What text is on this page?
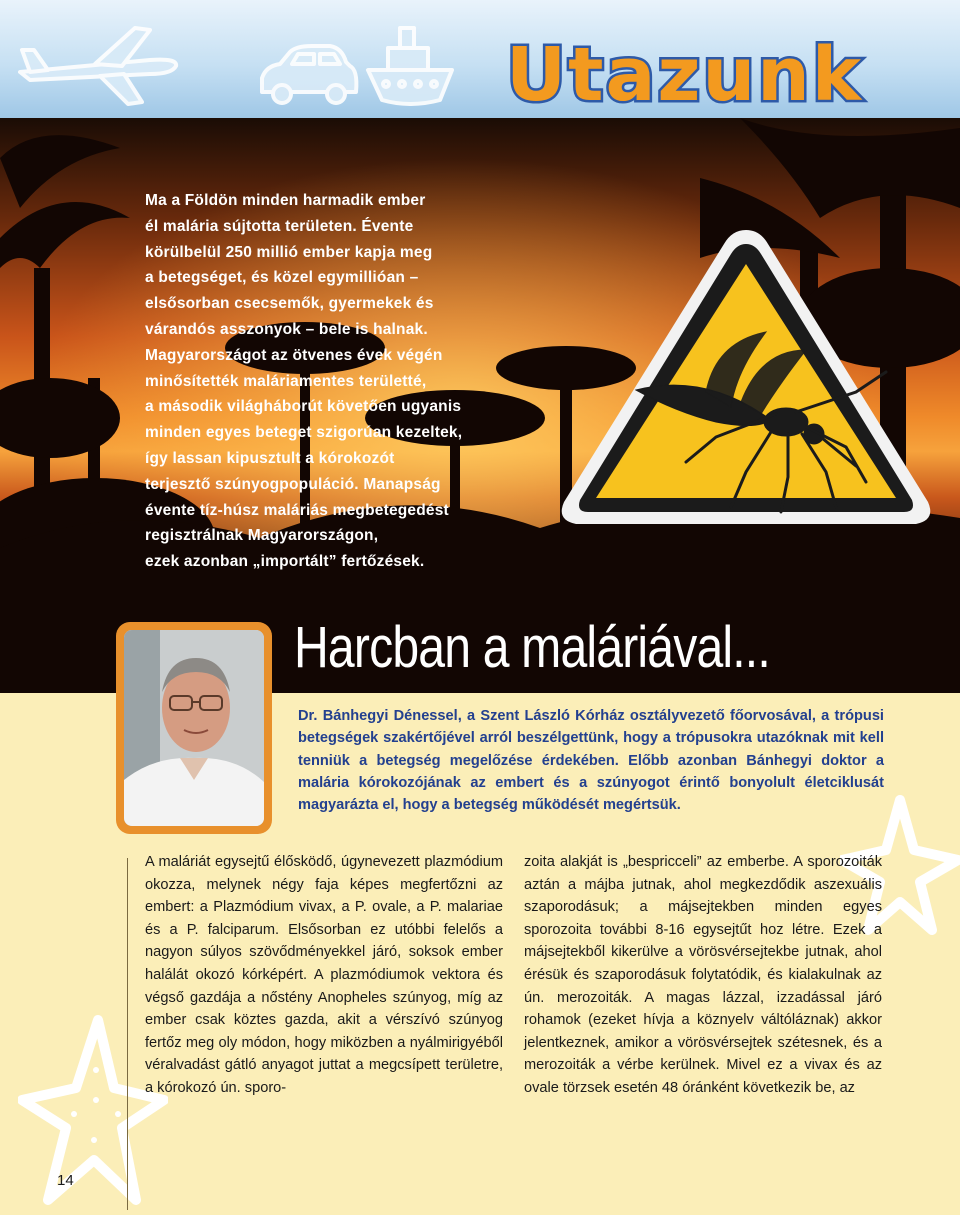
Utazunk

Ma a Földön minden harmadik ember
él malária sújtotta területen. Évente
körülbelül 250 millió ember kapja meg
a betegséget, és közel egymillióan –
elsősorban csecsemők, gyermekek és
várandós asszonyok – bele is halnak.
Magyarországot az ötvenes évek végén
minősítették maláriamentes területté,
a második világháborút követően ugyanis
minden egyes beteget szigorúan kezeltek,
így lassan kipusztult a kórokozót
terjesztő szúnyogpopuláció. Manapság
évente tíz-húsz maláriás megbetegedést
regisztrálnak Magyarországon,
ezek azonban „importált” fertőzések.

Harcban a maláriával...

Dr. Bánhegyi Dénessel, a Szent László Kórház osztályvezető főorvosával, a trópusi betegségek szakértőjével arról beszélgettünk, hogy a trópusokra utazóknak mit kell tenniük a betegség megelőzése érdekében. Előbb azonban Bánhegyi doktor a malária kórokozójának az embert és a szúnyogot érintő bonyolult életciklusát magyarázta el, hogy a betegség működését megértsük.

A maláriát egysejtű élősködő, úgynevezett plazmódium okozza, melynek négy faja képes megfertőzni az embert: a Plazmódium vivax, a P. ovale, a P. malariae és a P. falciparum. Elsősorban ez utóbbi felelős a nagyon súlyos szövődményekkel járó, soksok ember halálát okozó kórképért. A plazmódiumok vektora és végső gazdája a nőstény Anopheles szúnyog, míg az ember csak köztes gazda, akit a vérszívó szúnyog fertőz meg oly módon, hogy miközben a nyálmirigyéből véralvadást gátló anyagot juttat a megcsípett területre, a kórokozó ún. sporo-

zoita alakját is „bespricceli” az emberbe. A sporozoiták aztán a májba jutnak, ahol megkezdődik aszexuális szaporodásuk; a májsejtekben minden egyes sporozoita további 8-16 egysejtűt hoz létre. Ezek a májsejtekből kikerülve a vörösvérsejtekbe jutnak, ahol érésük és szaporodásuk folytatódik, és kialakulnak az ún. merozoiták. A magas lázzal, izzadással járó rohamok (ezeket hívja a köznyelv váltóláznak) akkor jelentkeznek, amikor a vörösvérsejtek szétesnek, és a merozoiták a vérbe kerülnek. Mivel ez a vivax és az ovale törzsek esetén 48 óránként következik be, az

14
